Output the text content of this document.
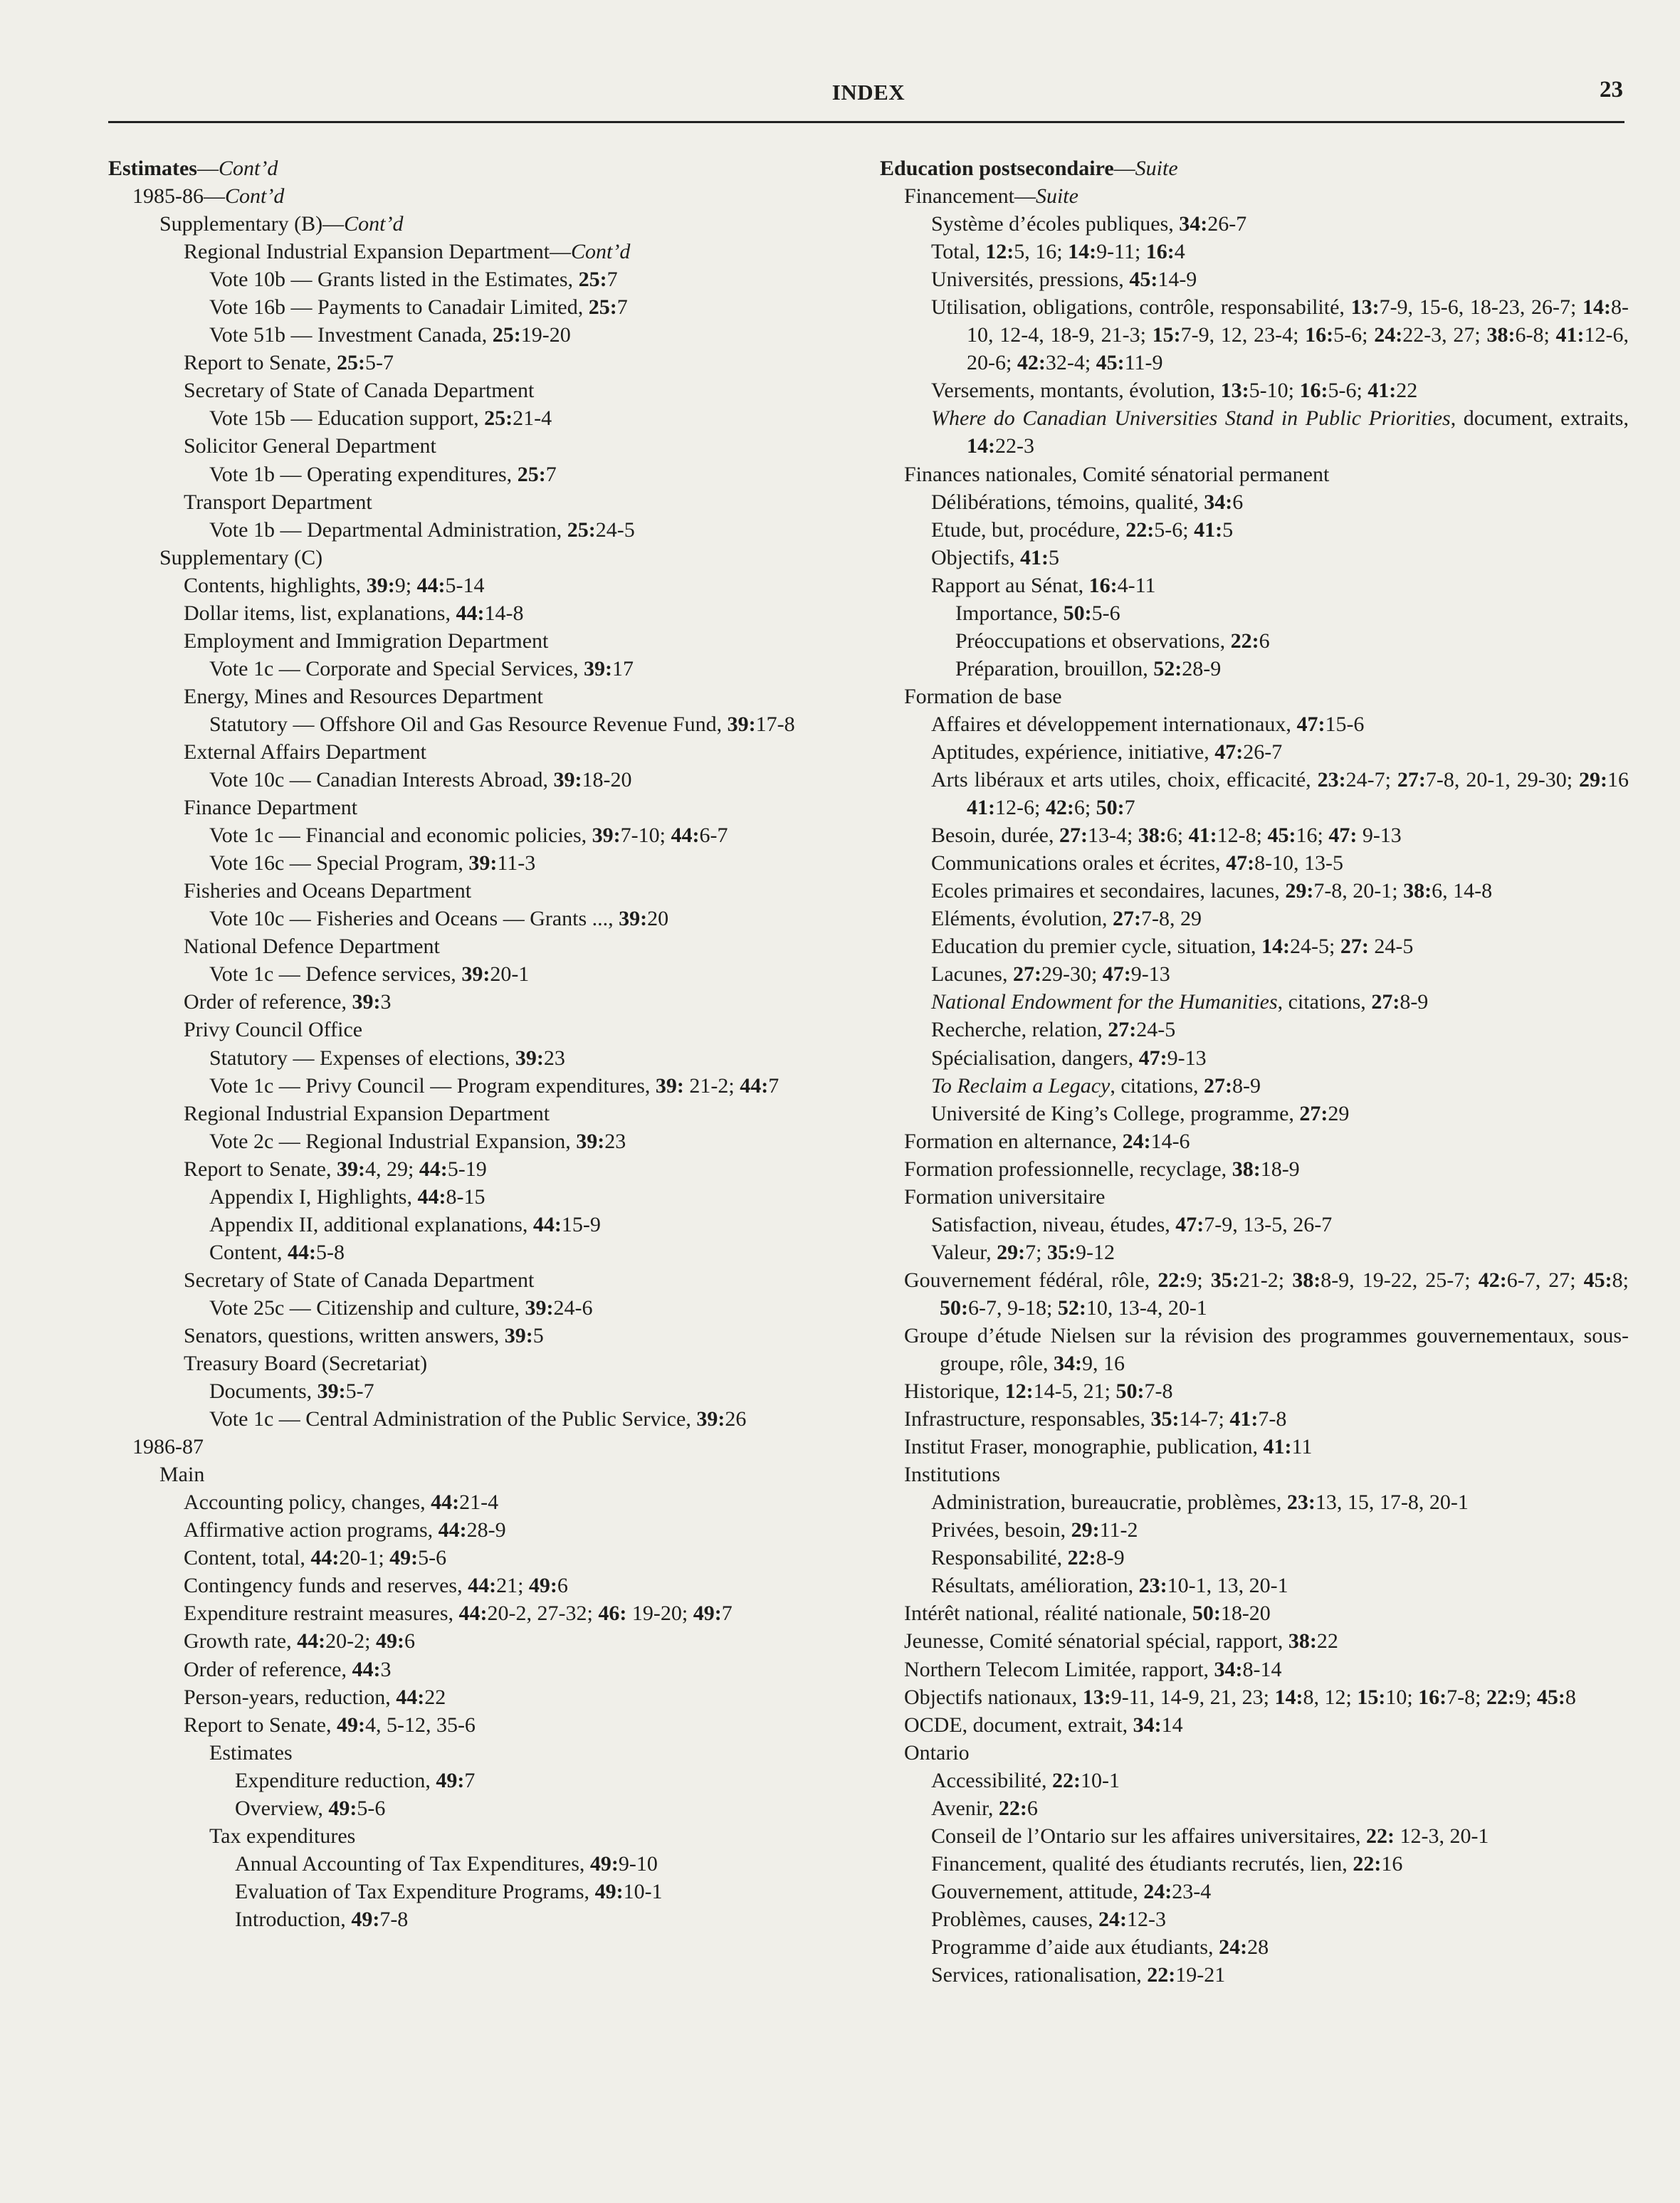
INDEX	23
Estimates—Cont’d
1985-86—Cont’d
Supplementary (B)—Cont’d
Regional Industrial Expansion Department—Cont’d
Vote 10b — Grants listed in the Estimates, 25:7
Vote 16b — Payments to Canadair Limited, 25:7
Vote 51b — Investment Canada, 25:19-20
Report to Senate, 25:5-7
Secretary of State of Canada Department
Vote 15b — Education support, 25:21-4
Solicitor General Department
Vote 1b — Operating expenditures, 25:7
Transport Department
Vote 1b — Departmental Administration, 25:24-5
Supplementary (C)
Contents, highlights, 39:9; 44:5-14
Dollar items, list, explanations, 44:14-8
Employment and Immigration Department
Vote 1c — Corporate and Special Services, 39:17
Energy, Mines and Resources Department
Statutory — Offshore Oil and Gas Resource Revenue Fund, 39:17-8
External Affairs Department
Vote 10c — Canadian Interests Abroad, 39:18-20
Finance Department
Vote 1c — Financial and economic policies, 39:7-10; 44:6-7
Vote 16c — Special Program, 39:11-3
Fisheries and Oceans Department
Vote 10c — Fisheries and Oceans — Grants ..., 39:20
National Defence Department
Vote 1c — Defence services, 39:20-1
Order of reference, 39:3
Privy Council Office
Statutory — Expenses of elections, 39:23
Vote 1c — Privy Council — Program expenditures, 39: 21-2; 44:7
Regional Industrial Expansion Department
Vote 2c — Regional Industrial Expansion, 39:23
Report to Senate, 39:4, 29; 44:5-19
Appendix I, Highlights, 44:8-15
Appendix II, additional explanations, 44:15-9
Content, 44:5-8
Secretary of State of Canada Department
Vote 25c — Citizenship and culture, 39:24-6
Senators, questions, written answers, 39:5
Treasury Board (Secretariat)
Documents, 39:5-7
Vote 1c — Central Administration of the Public Service, 39:26
1986-87
Main
Accounting policy, changes, 44:21-4
Affirmative action programs, 44:28-9
Content, total, 44:20-1; 49:5-6
Contingency funds and reserves, 44:21; 49:6
Expenditure restraint measures, 44:20-2, 27-32; 46: 19-20; 49:7
Growth rate, 44:20-2; 49:6
Order of reference, 44:3
Person-years, reduction, 44:22
Report to Senate, 49:4, 5-12, 35-6
Estimates
Expenditure reduction, 49:7
Overview, 49:5-6
Tax expenditures
Annual Accounting of Tax Expenditures, 49:9-10
Evaluation of Tax Expenditure Programs, 49:10-1
Introduction, 49:7-8
Education postsecondaire—Suite
Financement—Suite
Système d’écoles publiques, 34:26-7
Total, 12:5, 16; 14:9-11; 16:4
Universités, pressions, 45:14-9
Utilisation, obligations, contrôle, responsabilité, 13:7-9, 15-6, 18-23, 26-7; 14:8-10, 12-4, 18-9, 21-3; 15:7-9, 12, 23-4; 16:5-6; 24:22-3, 27; 38:6-8; 41:12-6, 20-6; 42:32-4; 45:11-9
Versements, montants, évolution, 13:5-10; 16:5-6; 41:22
Where do Canadian Universities Stand in Public Priorities, document, extraits, 14:22-3
Finances nationales, Comité sénatorial permanent
Délibérations, témoins, qualité, 34:6
Etude, but, procédure, 22:5-6; 41:5
Objectifs, 41:5
Rapport au Sénat, 16:4-11
Importance, 50:5-6
Préoccupations et observations, 22:6
Préparation, brouillon, 52:28-9
Formation de base
Affaires et développement internationaux, 47:15-6
Aptitudes, expérience, initiative, 47:26-7
Arts libéraux et arts utiles, choix, efficacité, 23:24-7; 27:7-8, 20-1, 29-30; 29:16 41:12-6; 42:6; 50:7
Besoin, durée, 27:13-4; 38:6; 41:12-8; 45:16; 47: 9-13
Communications orales et écrites, 47:8-10, 13-5
Ecoles primaires et secondaires, lacunes, 29:7-8, 20-1; 38:6, 14-8
Eléments, évolution, 27:7-8, 29
Education du premier cycle, situation, 14:24-5; 27: 24-5
Lacunes, 27:29-30; 47:9-13
National Endowment for the Humanities, citations, 27:8-9
Recherche, relation, 27:24-5
Spécialisation, dangers, 47:9-13
To Reclaim a Legacy, citations, 27:8-9
Université de King’s College, programme, 27:29
Formation en alternance, 24:14-6
Formation professionnelle, recyclage, 38:18-9
Formation universitaire
Satisfaction, niveau, études, 47:7-9, 13-5, 26-7
Valeur, 29:7; 35:9-12
Gouvernement fédéral, rôle, 22:9; 35:21-2; 38:8-9, 19-22, 25-7; 42:6-7, 27; 45:8; 50:6-7, 9-18; 52:10, 13-4, 20-1
Groupe d’étude Nielsen sur la révision des programmes gouvernementaux, sous-groupe, rôle, 34:9, 16
Historique, 12:14-5, 21; 50:7-8
Infrastructure, responsables, 35:14-7; 41:7-8
Institut Fraser, monographie, publication, 41:11
Institutions
Administration, bureaucratie, problèmes, 23:13, 15, 17-8, 20-1
Privées, besoin, 29:11-2
Responsabilité, 22:8-9
Résultats, amélioration, 23:10-1, 13, 20-1
Intérêt national, réalité nationale, 50:18-20
Jeunesse, Comité sénatorial spécial, rapport, 38:22
Northern Telecom Limitée, rapport, 34:8-14
Objectifs nationaux, 13:9-11, 14-9, 21, 23; 14:8, 12; 15:10; 16:7-8; 22:9; 45:8
OCDE, document, extrait, 34:14
Ontario
Accessibilité, 22:10-1
Avenir, 22:6
Conseil de l’Ontario sur les affaires universitaires, 22: 12-3, 20-1
Financement, qualité des étudiants recrutés, lien, 22:16
Gouvernement, attitude, 24:23-4
Problèmes, causes, 24:12-3
Programme d’aide aux étudiants, 24:28
Services, rationalisation, 22:19-21
